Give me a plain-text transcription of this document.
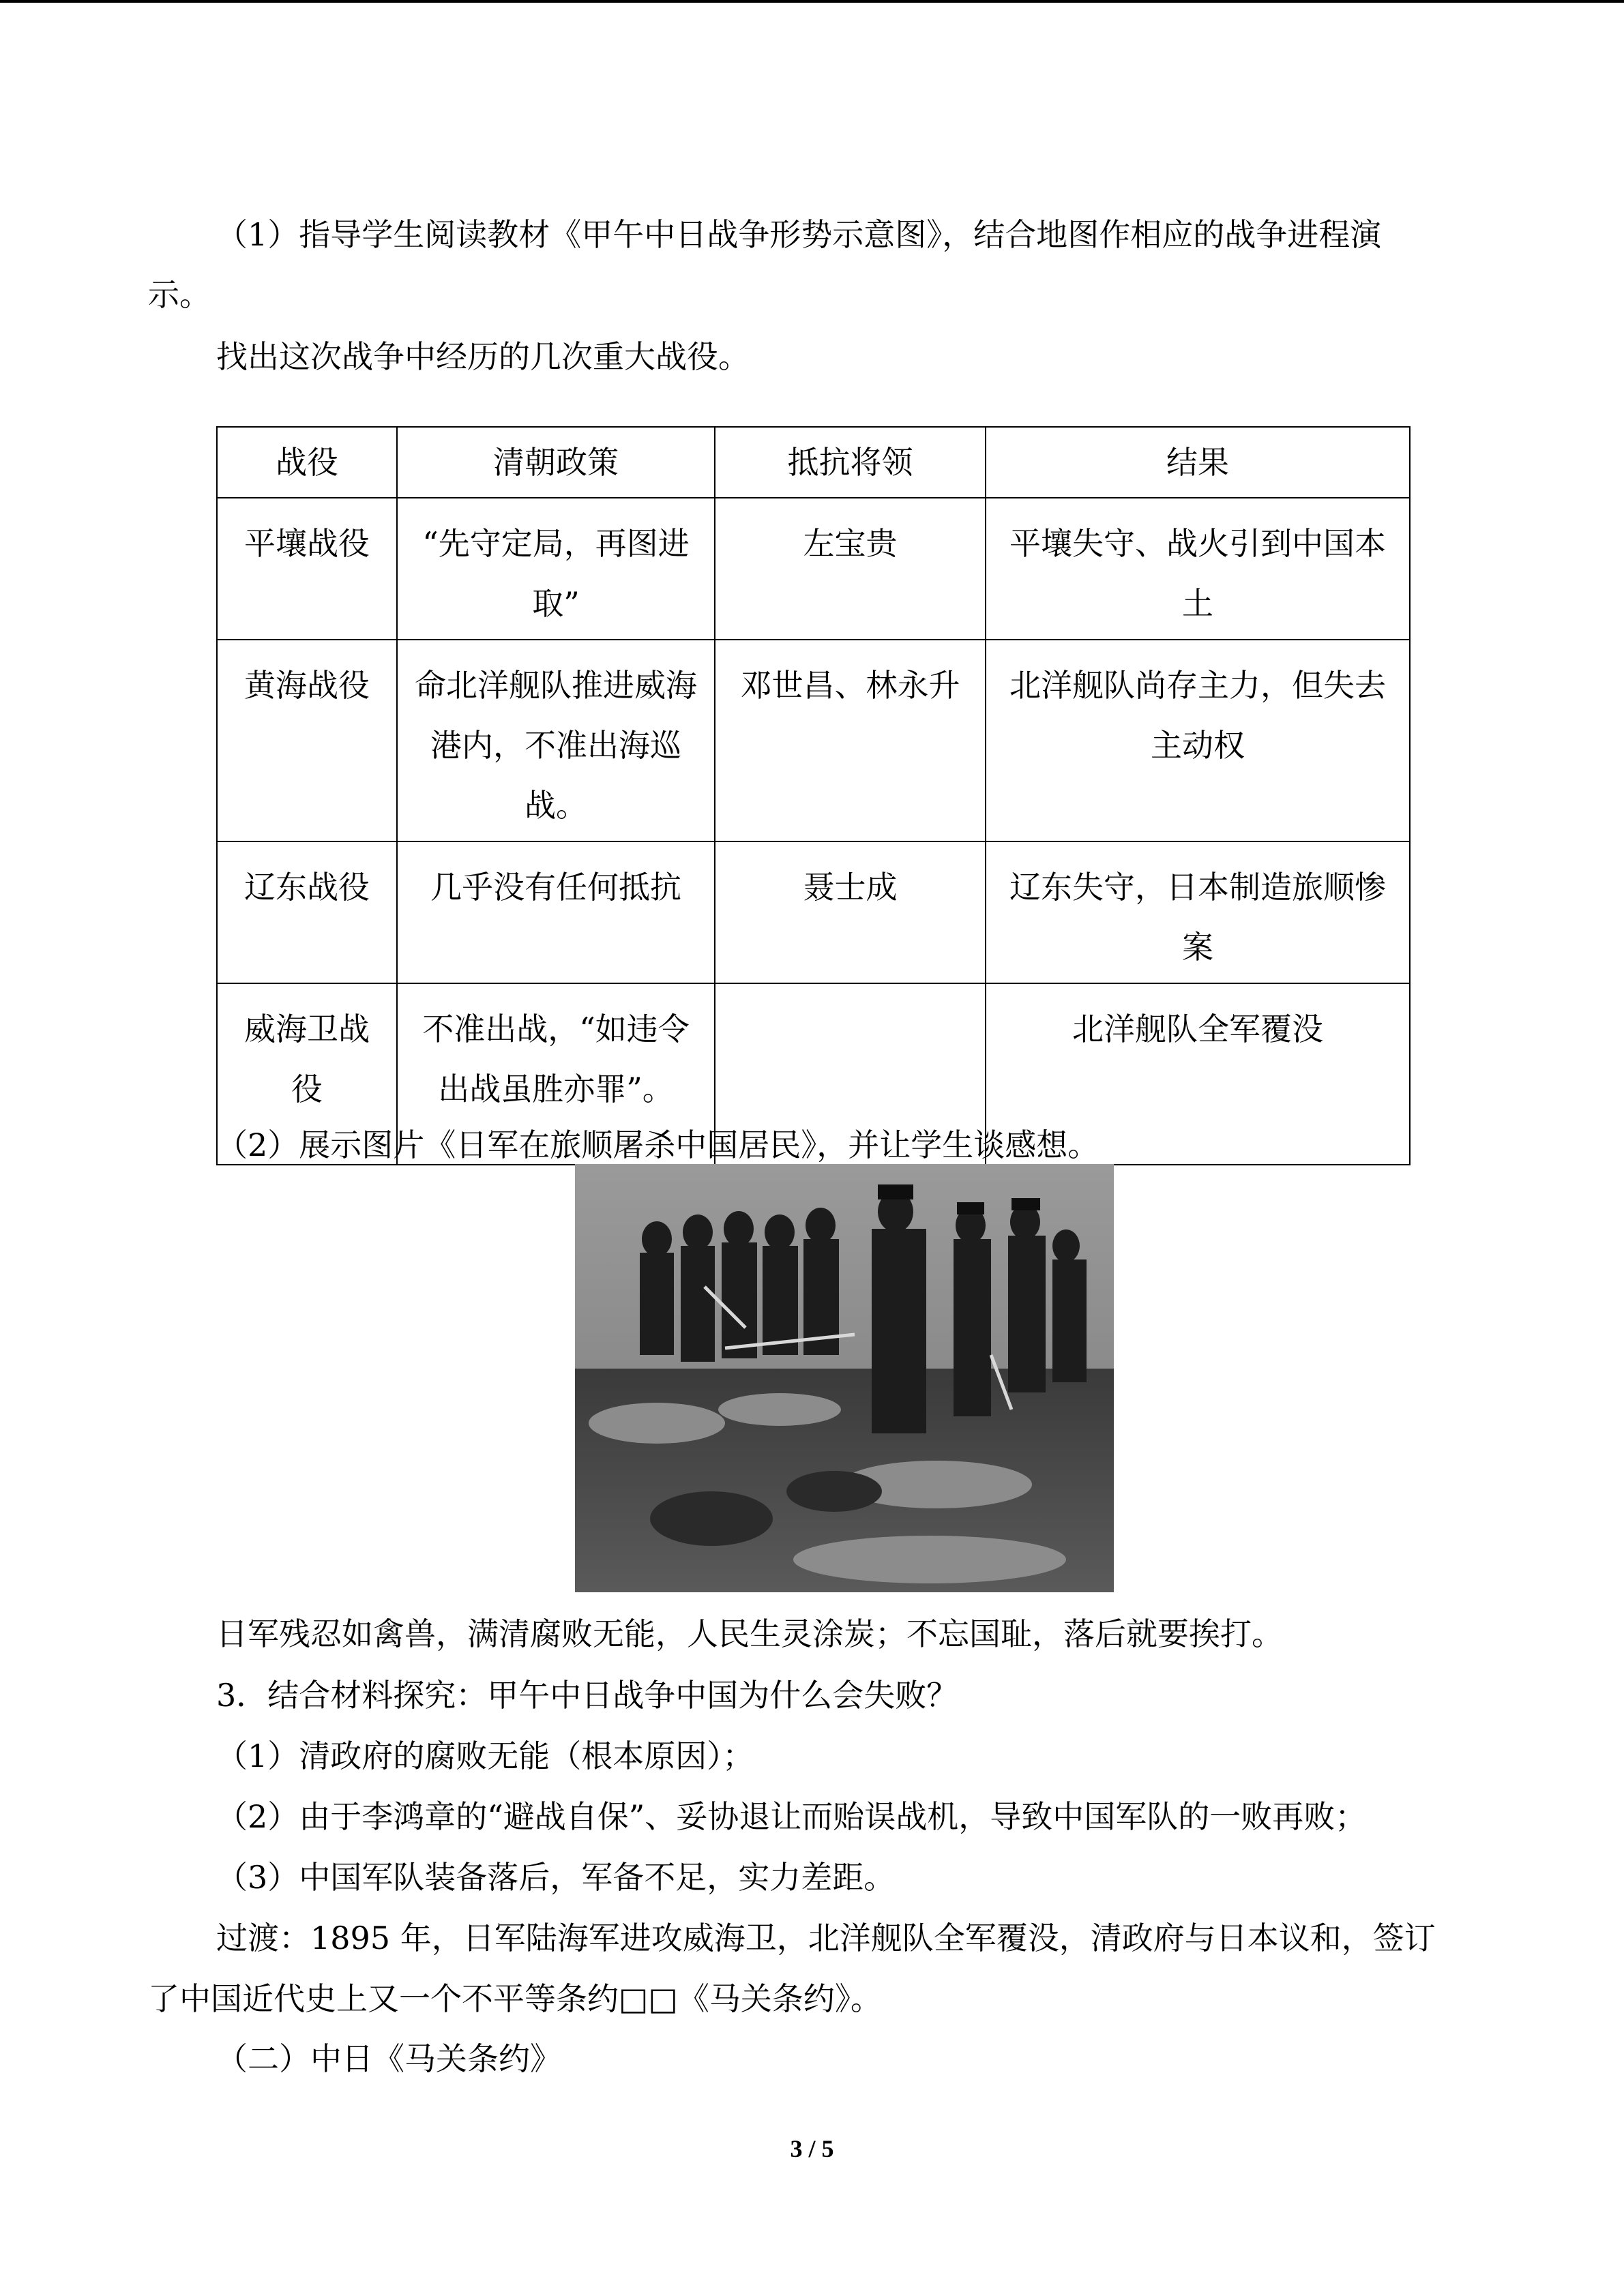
（1）指导学生阅读教材《甲午中日战争形势示意图》，结合地图作相应的战争进程演
示。
找出这次战争中经历的几次重大战役。
战役	清朝政策	抵抗将领	结果
平壤战役	“先守定局，再图进取”	左宝贵	平壤失守、战火引到中国本土
黄海战役	命北洋舰队推进威海港内，不准出海巡战。	邓世昌、林永升	北洋舰队尚存主力，但失去主动权
辽东战役	几乎没有任何抵抗	聂士成	辽东失守，日本制造旅顺惨案
威海卫战役	不准出战，“如违令出战虽胜亦罪”。		北洋舰队全军覆没
（2）展示图片《日军在旅顺屠杀中国居民》，并让学生谈感想。
日军残忍如禽兽，满清腐败无能，人民生灵涂炭；不忘国耻，落后就要挨打。
3．结合材料探究：甲午中日战争中国为什么会失败？
（1）清政府的腐败无能（根本原因）；
（2）由于李鸿章的“避战自保”、妥协退让而贻误战机，导致中国军队的一败再败；
（3）中国军队装备落后，军备不足，实力差距。
过渡：1895 年，日军陆海军进攻威海卫，北洋舰队全军覆没，清政府与日本议和，签订
了中国近代史上又一个不平等条约□□《马关条约》。
（二）中日《马关条约》
3 / 5
